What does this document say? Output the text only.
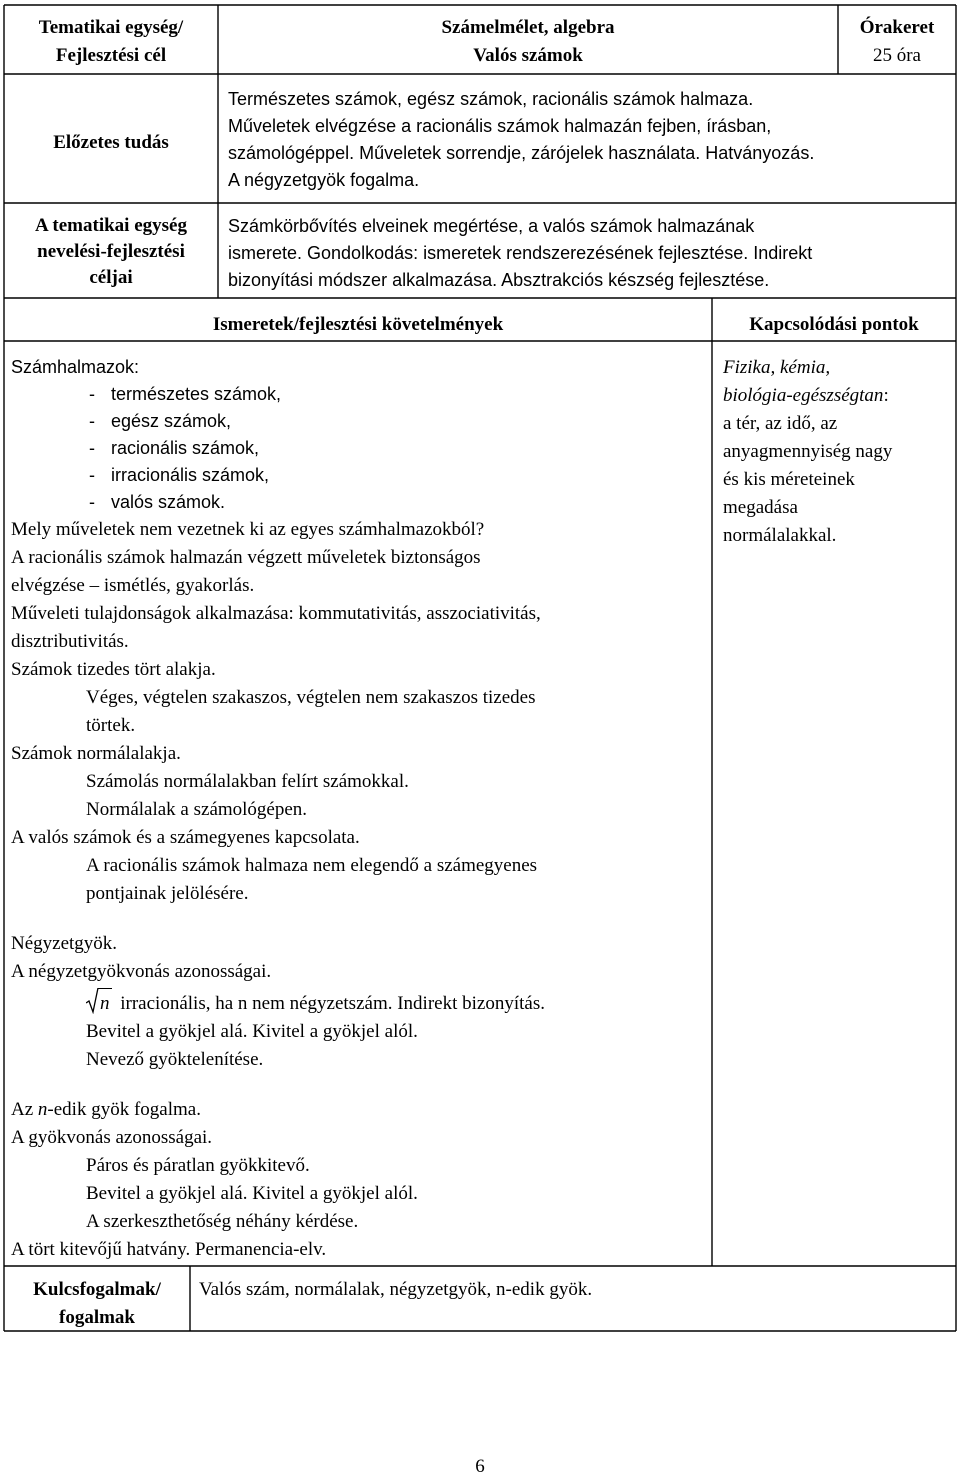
Tematikai egység/
Fejlesztési cél
Számelmélet, algebra
Valós számok
Órakeret
25 óra
Előzetes tudás
Természetes számok, egész számok, racionális számok halmaza.
Műveletek elvégzése a racionális számok halmazán fejben, írásban,
számológéppel. Műveletek sorrendje, zárójelek használata. Hatványozás.
A négyzetgyök fogalma.
A tematikai egység
nevelési-fejlesztési
céljai
Számkörbővítés elveinek megértése, a valós számok halmazának
ismerete. Gondolkodás: ismeretek rendszerezésének fejlesztése. Indirekt
bizonyítási módszer alkalmazása. Absztrakciós készség fejlesztése.
Ismeretek/fejlesztési követelmények	Kapcsolódási pontok
Számhalmazok:
- természetes számok,
- egész számok,
- racionális számok,
- irracionális számok,
- valós számok.
Mely műveletek nem vezetnek ki az egyes számhalmazokból?
A racionális számok halmazán végzett műveletek biztonságos
elvégzése – ismétlés, gyakorlás.
Műveleti tulajdonságok alkalmazása: kommutativitás, asszociativitás,
disztributivitás.
Számok tizedes tört alakja.
Véges, végtelen szakaszos, végtelen nem szakaszos tizedes
törtek.
Számok normálalakja.
Számolás normálalakban felírt számokkal.
Normálalak a számológépen.
A valós számok és a számegyenes kapcsolata.
A racionális számok halmaza nem elegendő a számegyenes
pontjainak jelölésére.
Négyzetgyök.
A négyzetgyökvonás azonosságai.
n irracionális, ha n nem négyzetszám. Indirekt bizonyítás.
Bevitel a gyökjel alá. Kivitel a gyökjel alól.
Nevező gyöktelenítése.
Az n-edik gyök fogalma.
A gyökvonás azonosságai.
Páros és páratlan gyökkitevő.
Bevitel a gyökjel alá. Kivitel a gyökjel alól.
A szerkeszthetőség néhány kérdése.
A tört kitevőjű hatvány. Permanencia-elv.
Fizika, kémia,
biológia-egészségtan:
a tér, az idő, az
anyagmennyiség nagy
és kis méreteinek
megadása
normálalakkal.
Kulcsfogalmak/
fogalmak
Valós szám, normálalak, négyzetgyök, n-edik gyök.
6
